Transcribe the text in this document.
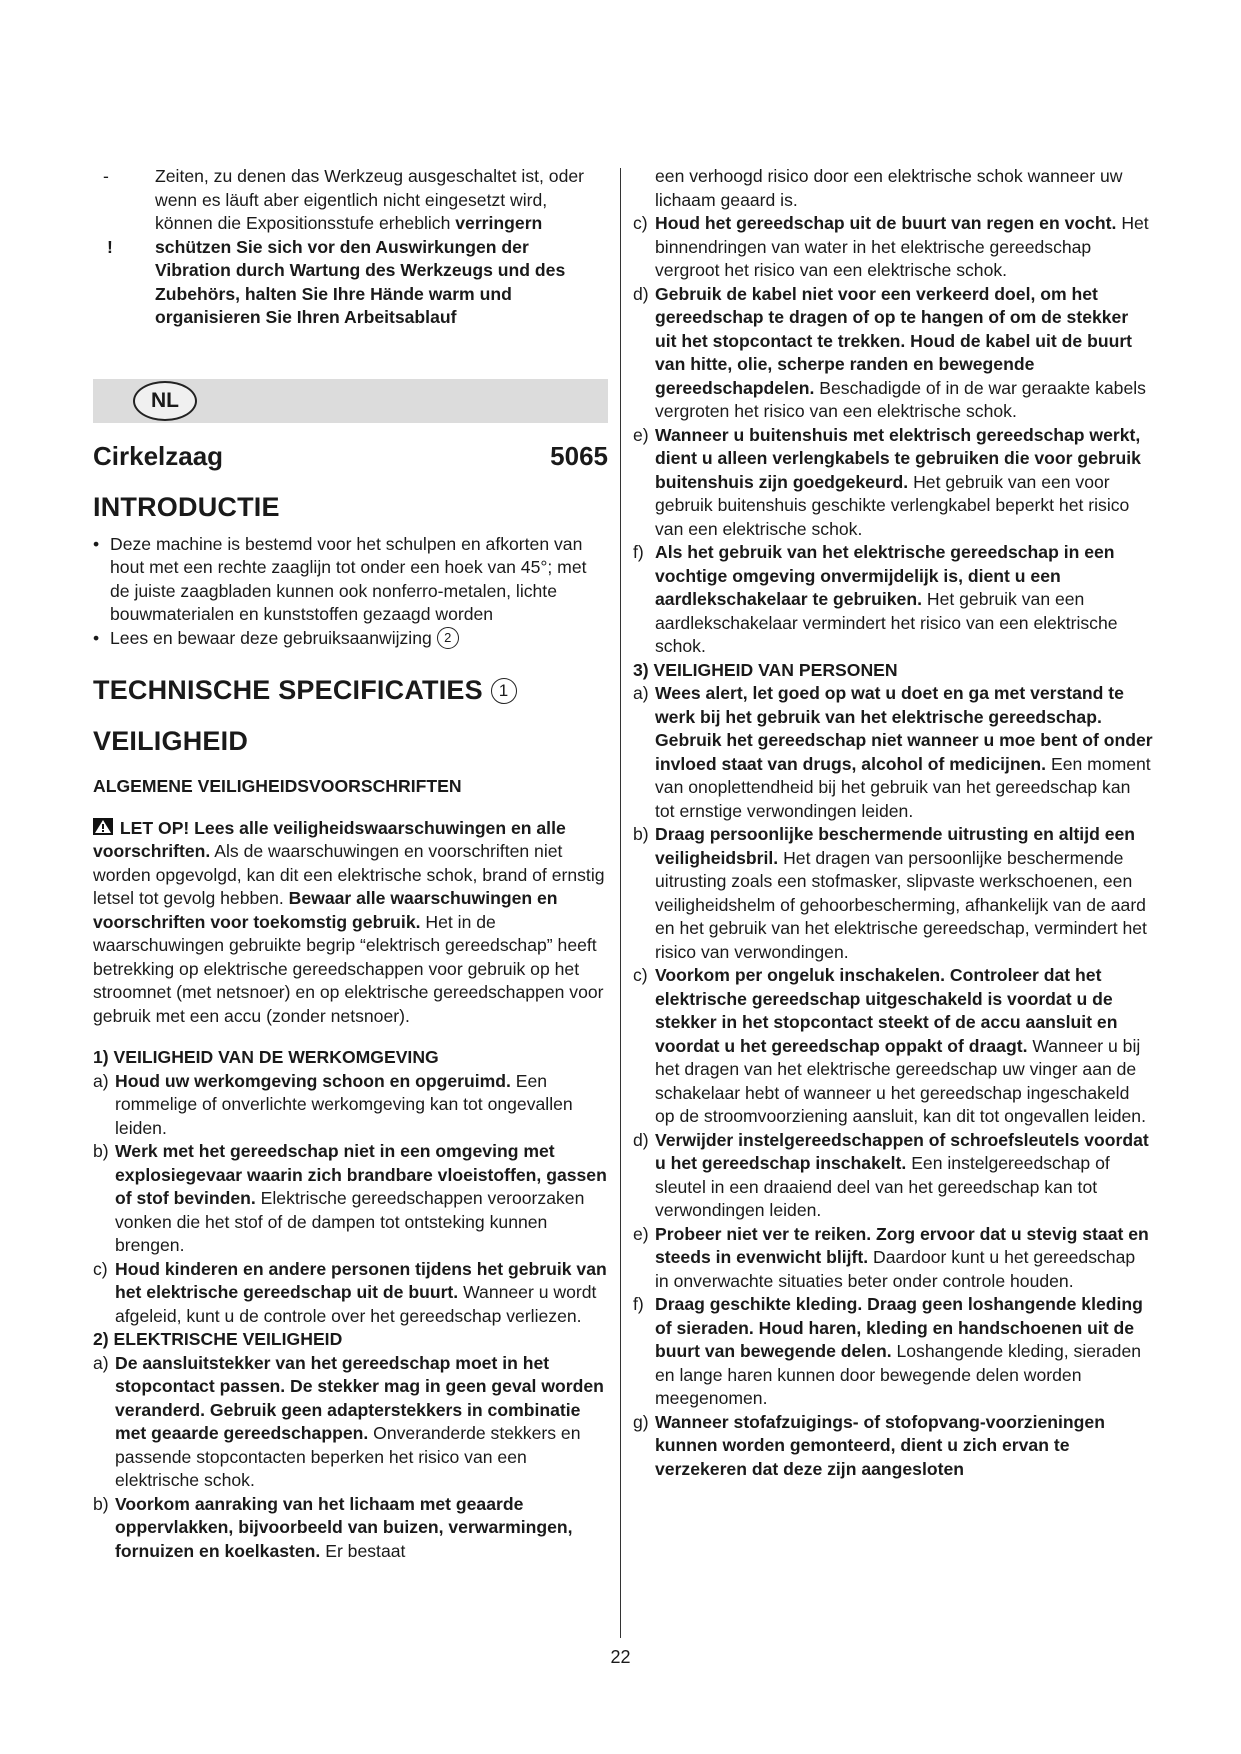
-	Zeiten, zu denen das Werkzeug ausgeschaltet ist, oder wenn es läuft aber eigentlich nicht eingesetzt wird, können die Expositionsstufe erheblich verringern
! schützen Sie sich vor den Auswirkungen der Vibration durch Wartung des Werkzeugs und des Zubehörs, halten Sie Ihre Hände warm und organisieren Sie Ihren Arbeitsablauf
NL
Cirkelzaag	5065
INTRODUCTIE
• Deze machine is bestemd voor het schulpen en afkorten van hout met een rechte zaaglijn tot onder een hoek van 45°; met de juiste zaagbladen kunnen ook nonferro-metalen, lichte bouwmaterialen en kunststoffen gezaagd worden
• Lees en bewaar deze gebruiksaanwijzing 2
TECHNISCHE SPECIFICATIES 1
VEILIGHEID
ALGEMENE VEILIGHEIDSVOORSCHRIFTEN
LET OP! Lees alle veiligheidswaarschuwingen en alle voorschriften. Als de waarschuwingen en voorschriften niet worden opgevolgd, kan dit een elektrische schok, brand of ernstig letsel tot gevolg hebben. Bewaar alle waarschuwingen en voorschriften voor toekomstig gebruik. Het in de waarschuwingen gebruikte begrip “elektrisch gereedschap” heeft betrekking op elektrische gereedschappen voor gebruik op het stroomnet (met netsnoer) en op elektrische gereedschappen voor gebruik met een accu (zonder netsnoer).
1) VEILIGHEID VAN DE WERKOMGEVING
a) Houd uw werkomgeving schoon en opgeruimd. Een rommelige of onverlichte werkomgeving kan tot ongevallen leiden.
b) Werk met het gereedschap niet in een omgeving met explosiegevaar waarin zich brandbare vloeistoffen, gassen of stof bevinden. Elektrische gereedschappen veroorzaken vonken die het stof of de dampen tot ontsteking kunnen brengen.
c) Houd kinderen en andere personen tijdens het gebruik van het elektrische gereedschap uit de buurt. Wanneer u wordt afgeleid, kunt u de controle over het gereedschap verliezen.
2) ELEKTRISCHE VEILIGHEID
a) De aansluitstekker van het gereedschap moet in het stopcontact passen. De stekker mag in geen geval worden veranderd. Gebruik geen adapterstekkers in combinatie met geaarde gereedschappen. Onveranderde stekkers en passende stopcontacten beperken het risico van een elektrische schok.
b) Voorkom aanraking van het lichaam met geaarde oppervlakken, bijvoorbeeld van buizen, verwarmingen, fornuizen en koelkasten. Er bestaat
een verhoogd risico door een elektrische schok wanneer uw lichaam geaard is.
c) Houd het gereedschap uit de buurt van regen en vocht. Het binnendringen van water in het elektrische gereedschap vergroot het risico van een elektrische schok.
d) Gebruik de kabel niet voor een verkeerd doel, om het gereedschap te dragen of op te hangen of om de stekker uit het stopcontact te trekken. Houd de kabel uit de buurt van hitte, olie, scherpe randen en bewegende gereedschapdelen. Beschadigde of in de war geraakte kabels vergroten het risico van een elektrische schok.
e) Wanneer u buitenshuis met elektrisch gereedschap werkt, dient u alleen verlengkabels te gebruiken die voor gebruik buitenshuis zijn goedgekeurd. Het gebruik van een voor gebruik buitenshuis geschikte verlengkabel beperkt het risico van een elektrische schok.
f) Als het gebruik van het elektrische gereedschap in een vochtige omgeving onvermijdelijk is, dient u een aardlekschakelaar te gebruiken. Het gebruik van een aardlekschakelaar vermindert het risico van een elektrische schok.
3) VEILIGHEID VAN PERSONEN
a) Wees alert, let goed op wat u doet en ga met verstand te werk bij het gebruik van het elektrische gereedschap. Gebruik het gereedschap niet wanneer u moe bent of onder invloed staat van drugs, alcohol of medicijnen. Een moment van onoplettendheid bij het gebruik van het gereedschap kan tot ernstige verwondingen leiden.
b) Draag persoonlijke beschermende uitrusting en altijd een veiligheidsbril. Het dragen van persoonlijke beschermende uitrusting zoals een stofmasker, slipvaste werkschoenen, een veiligheidshelm of gehoorbescherming, afhankelijk van de aard en het gebruik van het elektrische gereedschap, vermindert het risico van verwondingen.
c) Voorkom per ongeluk inschakelen. Controleer dat het elektrische gereedschap uitgeschakeld is voordat u de stekker in het stopcontact steekt of de accu aansluit en voordat u het gereedschap oppakt of draagt. Wanneer u bij het dragen van het elektrische gereedschap uw vinger aan de schakelaar hebt of wanneer u het gereedschap ingeschakeld op de stroomvoorziening aansluit, kan dit tot ongevallen leiden.
d) Verwijder instelgereedschappen of schroefsleutels voordat u het gereedschap inschakelt. Een instelgereedschap of sleutel in een draaiend deel van het gereedschap kan tot verwondingen leiden.
e) Probeer niet ver te reiken. Zorg ervoor dat u stevig staat en steeds in evenwicht blijft. Daardoor kunt u het gereedschap in onverwachte situaties beter onder controle houden.
f) Draag geschikte kleding. Draag geen loshangende kleding of sieraden. Houd haren, kleding en handschoenen uit de buurt van bewegende delen. Loshangende kleding, sieraden en lange haren kunnen door bewegende delen worden meegenomen.
g) Wanneer stofafzuigings- of stofopvang-voorzieningen kunnen worden gemonteerd, dient u zich ervan te verzekeren dat deze zijn aangesloten
22
